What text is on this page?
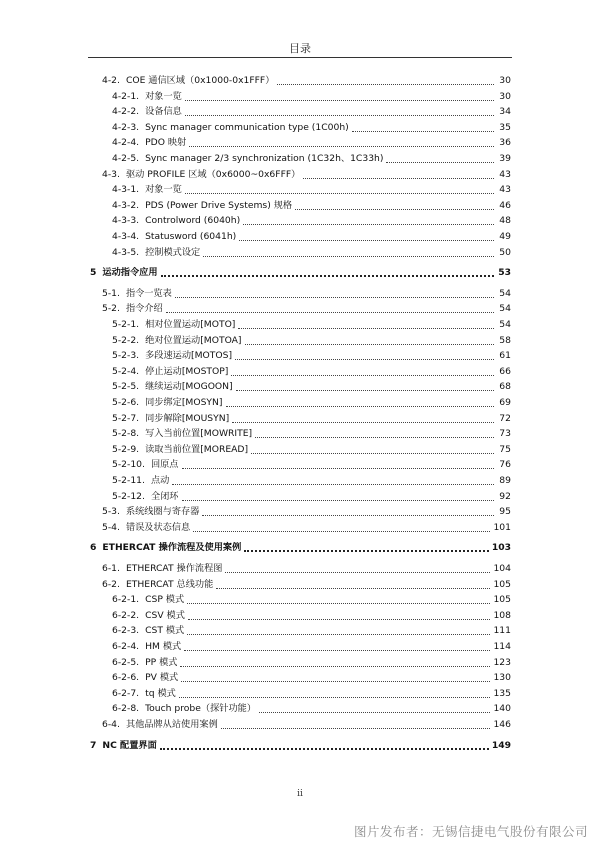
目录
4-2. COE 通信区域（0x1000-0x1FFF）	30
4-2-1. 对象一览	30
4-2-2. 设备信息	34
4-2-3. Sync manager communication type (1C00h)	35
4-2-4. PDO 映射	36
4-2-5. Sync manager 2/3 synchronization (1C32h、1C33h)	39
4-3. 驱动 PROFILE 区域（0x6000~0x6FFF）	43
4-3-1. 对象一览	43
4-3-2. PDS (Power Drive Systems) 规格	46
4-3-3. Controlword (6040h)	48
4-3-4. Statusword (6041h)	49
4-3-5. 控制模式设定	50
5 运动指令应用	53
5-1. 指令一览表	54
5-2. 指令介绍	54
5-2-1. 相对位置运动[MOTO]	54
5-2-2. 绝对位置运动[MOTOA]	58
5-2-3. 多段速运动[MOTOS]	61
5-2-4. 停止运动[MOSTOP]	66
5-2-5. 继续运动[MOGOON]	68
5-2-6. 同步绑定[MOSYN]	69
5-2-7. 同步解除[MOUSYN]	72
5-2-8. 写入当前位置[MOWRITE]	73
5-2-9. 读取当前位置[MOREAD]	75
5-2-10. 回原点	76
5-2-11. 点动	89
5-2-12. 全闭环	92
5-3. 系统线圈与寄存器	95
5-4. 错误及状态信息	101
6 ETHERCAT 操作流程及使用案例	103
6-1. ETHERCAT 操作流程图	104
6-2. ETHERCAT 总线功能	105
6-2-1. CSP 模式	105
6-2-2. CSV 模式	108
6-2-3. CST 模式	111
6-2-4. HM 模式	114
6-2-5. PP 模式	123
6-2-6. PV 模式	130
6-2-7. tq 模式	135
6-2-8. Touch probe（探针功能）	140
6-4. 其他品牌从站使用案例	146
7 NC 配置界面	149
ii
图片发布者：无锡信捷电气股份有限公司
